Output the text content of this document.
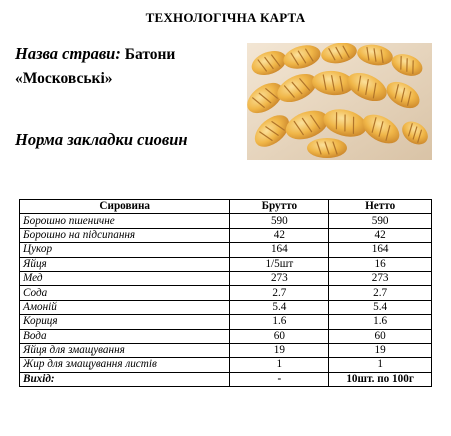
ТЕХНОЛОГІЧНА КАРТА
Назва страви: Батони «Московські»
Норма закладки сиовин
Сировина	Брутто	Нетто
Борошно пшеничне	590	590
Борошно на підсипання	42	42
Цукор	164	164
Яйця	1/5шт	16
Мед	273	273
Сода	2.7	2.7
Амоній	5.4	5.4
Кориця	1.6	1.6
Вода	60	60
Яйця для змащування	19	19
Жир для змащування листів	1	1
Вихід:	-	10шт. по 100г
